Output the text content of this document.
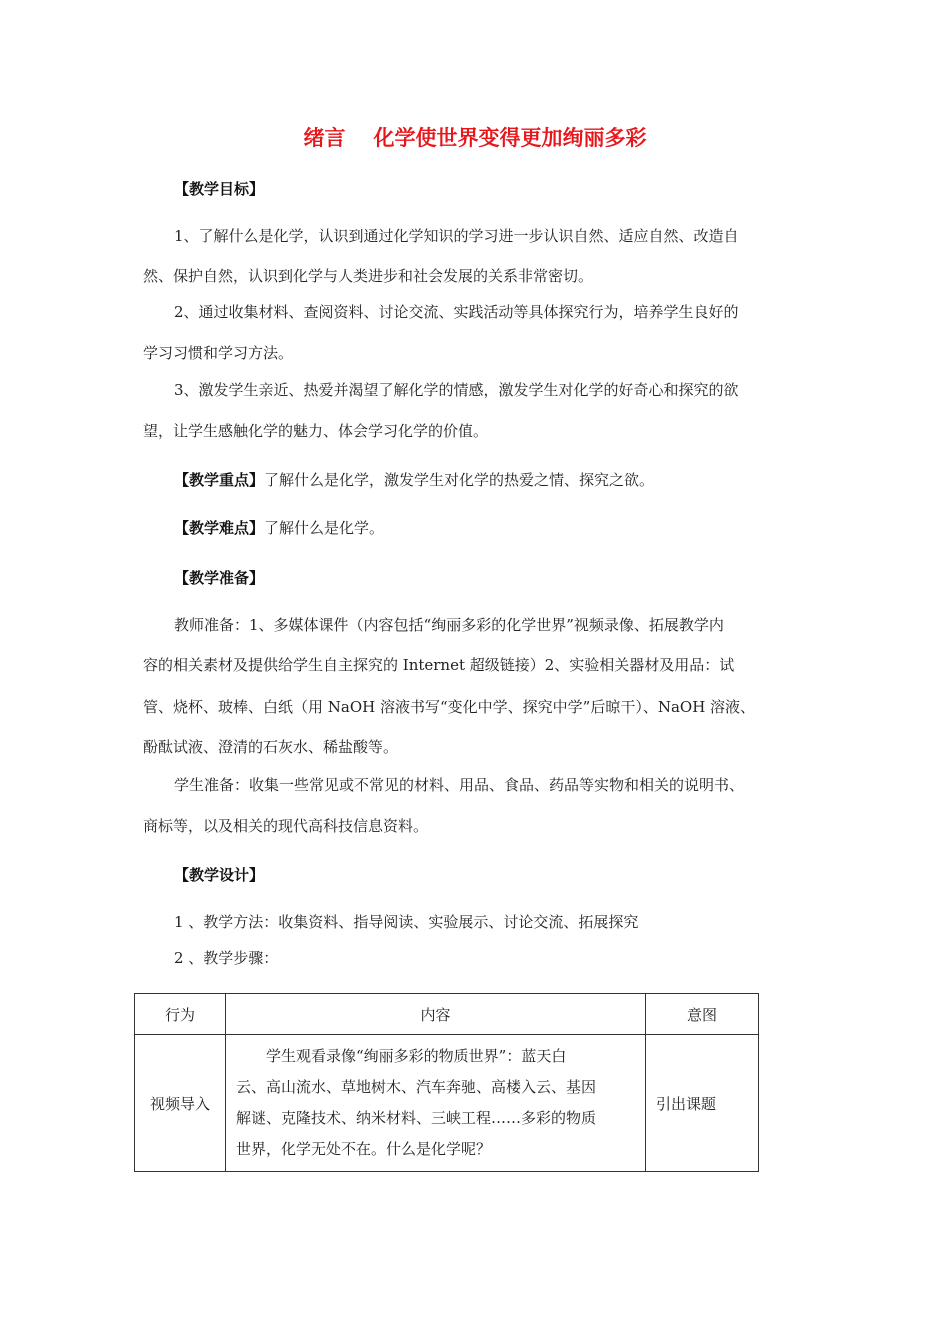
绪言 化学使世界变得更加绚丽多彩
【教学目标】
1、了解什么是化学，认识到通过化学知识的学习进一步认识自然、适应自然、改造自
然、保护自然，认识到化学与人类进步和社会发展的关系非常密切。
2、通过收集材料、查阅资料、讨论交流、实践活动等具体探究行为，培养学生良好的
学习习惯和学习方法。
3、激发学生亲近、热爱并渴望了解化学的情感，激发学生对化学的好奇心和探究的欲
望，让学生感触化学的魅力、体会学习化学的价值。
【教学重点】了解什么是化学，激发学生对化学的热爱之情、探究之欲。
【教学难点】了解什么是化学。
【教学准备】
教师准备：1、多媒体课件（内容包括“绚丽多彩的化学世界”视频录像、拓展教学内
容的相关素材及提供给学生自主探究的 Internet 超级链接）2、实验相关器材及用品：试
管、烧杯、玻棒、白纸（用 NaOH 溶液书写“变化中学、探究中学”后晾干）、NaOH 溶液、
酚酞试液、澄清的石灰水、稀盐酸等。
学生准备：收集一些常见或不常见的材料、用品、食品、药品等实物和相关的说明书、
商标等，以及相关的现代高科技信息资料。
【教学设计】
1 、教学方法：收集资料、指导阅读、实验展示、讨论交流、拓展探究
2 、教学步骤：
行为	内容	意图
视频导入	学生观看录像“绚丽多彩的物质世界”：蓝天白
云、高山流水、草地树木、汽车奔驰、高楼入云、基因
解谜、克隆技术、纳米材料、三峡工程……多彩的物质
世界，化学无处不在。什么是化学呢？	引出课题
